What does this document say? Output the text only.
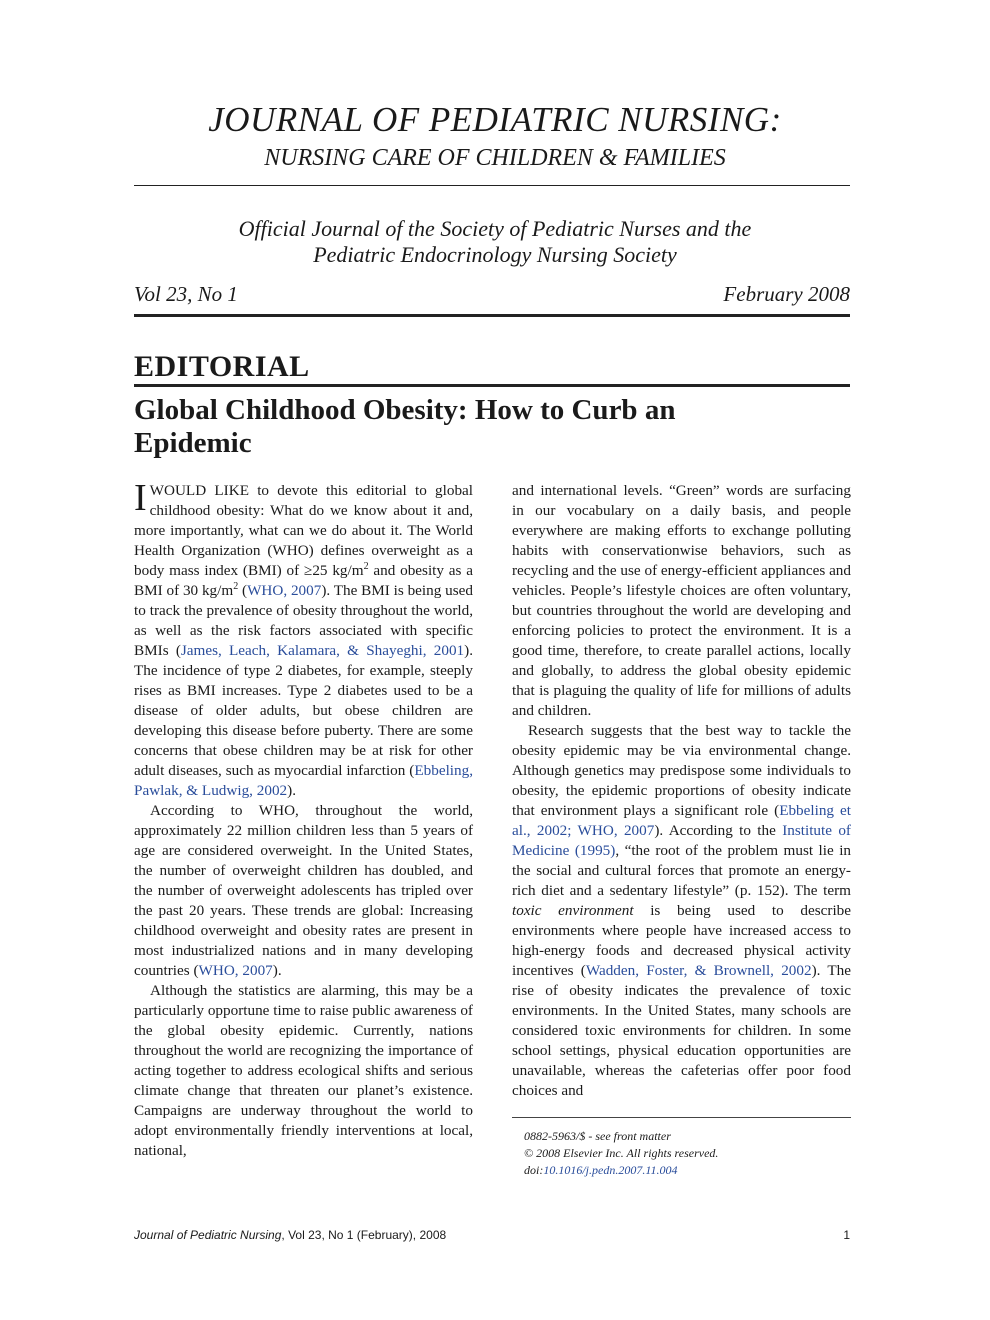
JOURNAL OF PEDIATRIC NURSING:
NURSING CARE OF CHILDREN & FAMILIES
Official Journal of the Society of Pediatric Nurses and the
Pediatric Endocrinology Nursing Society
Vol 23, No 1	February 2008
EDITORIAL
Global Childhood Obesity: How to Curb an Epidemic

IWOULD LIKE to devote this editorial to global childhood obesity: What do we know about it and, more importantly, what can we do about it. The World Health Organization (WHO) defines overweight as a body mass index (BMI) of ≥25 $kg/m^2$ and obesity as a BMI of 30 $kg/m^2$ (WHO, 2007). The BMI is being used to track the prevalence of obesity throughout the world, as well as the risk factors associated with specific BMIs (James, Leach, Kalamara, & Shayeghi, 2001). The incidence of type 2 diabetes, for example, steeply rises as BMI increases. Type 2 diabetes used to be a disease of older adults, but obese children are developing this disease before puberty. There are some concerns that obese children may be at risk for other adult diseases, such as myocardial infarction (Ebbeling, Pawlak, & Ludwig, 2002).

According to WHO, throughout the world, approximately 22 million children less than 5 years of age are considered overweight. In the United States, the number of overweight children has doubled, and the number of overweight adolescents has tripled over the past 20 years. These trends are global: Increasing childhood overweight and obesity rates are present in most industrialized nations and in many developing countries (WHO, 2007).

Although the statistics are alarming, this may be a particularly opportune time to raise public awareness of the global obesity epidemic. Currently, nations throughout the world are recognizing the importance of acting together to address ecological shifts and serious climate change that threaten our planet’s existence. Campaigns are underway throughout the world to adopt environmentally friendly interventions at local, national,

and international levels. “Green” words are surfacing in our vocabulary on a daily basis, and people everywhere are making efforts to exchange polluting habits with conservationwise behaviors, such as recycling and the use of energy-efficient appliances and vehicles. People’s lifestyle choices are often voluntary, but countries throughout the world are developing and enforcing policies to protect the environment. It is a good time, therefore, to create parallel actions, locally and globally, to address the global obesity epidemic that is plaguing the quality of life for millions of adults and children.

Research suggests that the best way to tackle the obesity epidemic may be via environmental change. Although genetics may predispose some individuals to obesity, the epidemic proportions of obesity indicate that environment plays a significant role (Ebbeling et al., 2002; WHO, 2007). According to the Institute of Medicine (1995), “the root of the problem must lie in the social and cultural forces that promote an energy-rich diet and a sedentary lifestyle” (p. 152). The term toxic environment is being used to describe environments where people have increased access to high-energy foods and decreased physical activity incentives (Wadden, Foster, & Brownell, 2002). The rise of obesity indicates the prevalence of toxic environments. In the United States, many schools are considered toxic environments for children. In some school settings, physical education opportunities are unavailable, whereas the cafeterias offer poor food choices and

0882-5963/$ - see front matter
© 2008 Elsevier Inc. All rights reserved.
doi:10.1016/j.pedn.2007.11.004
Journal of Pediatric Nursing, Vol 23, No 1 (February), 2008	1
